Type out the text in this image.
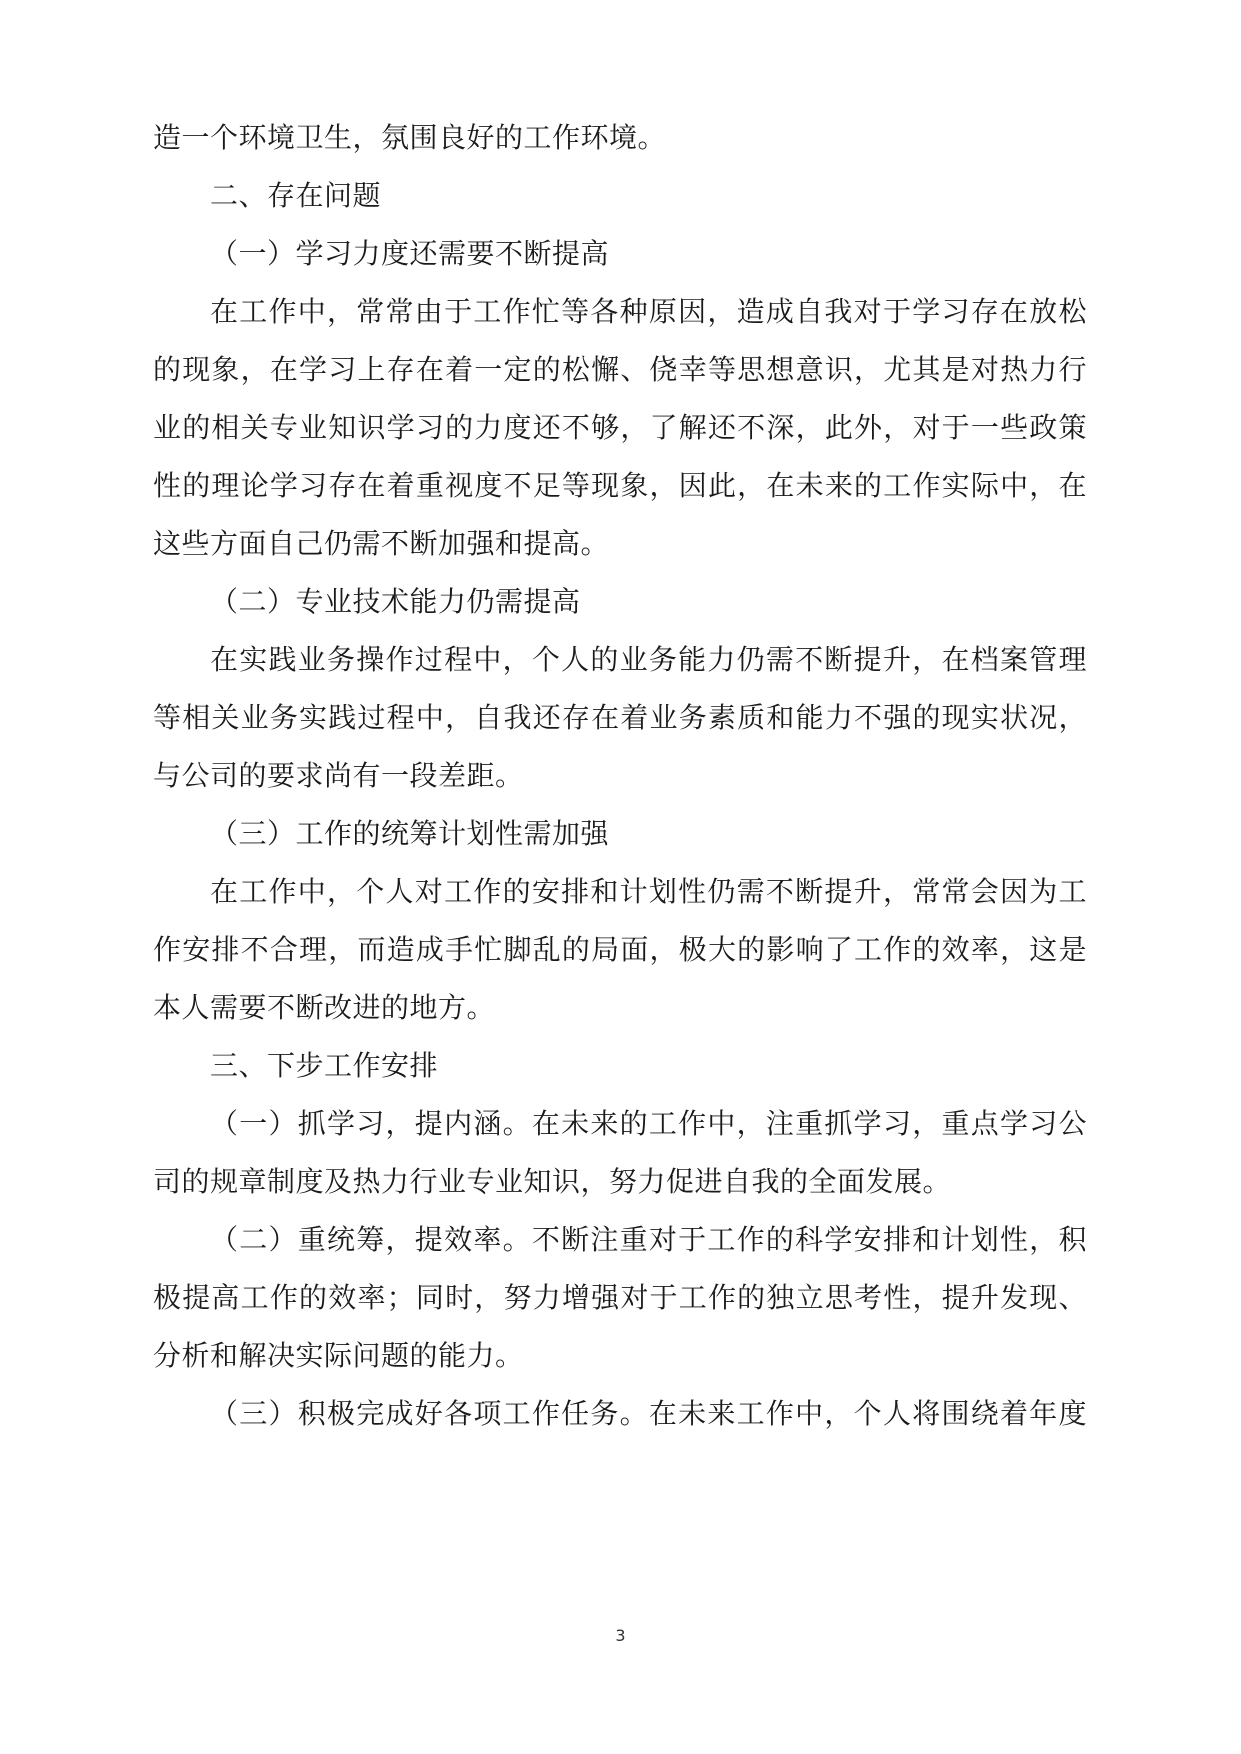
造一个环境卫生，氛围良好的工作环境。
二、存在问题
（一）学习力度还需要不断提高
在工作中，常常由于工作忙等各种原因，造成自我对于学习存在放松
的现象，在学习上存在着一定的松懈、侥幸等思想意识，尤其是对热力行
业的相关专业知识学习的力度还不够，了解还不深，此外，对于一些政策
性的理论学习存在着重视度不足等现象，因此，在未来的工作实际中，在
这些方面自己仍需不断加强和提高。
（二）专业技术能力仍需提高
在实践业务操作过程中，个人的业务能力仍需不断提升，在档案管理
等相关业务实践过程中，自我还存在着业务素质和能力不强的现实状况，
与公司的要求尚有一段差距。
（三）工作的统筹计划性需加强
在工作中，个人对工作的安排和计划性仍需不断提升，常常会因为工
作安排不合理，而造成手忙脚乱的局面，极大的影响了工作的效率，这是
本人需要不断改进的地方。
三、下步工作安排
（一）抓学习，提内涵。在未来的工作中，注重抓学习，重点学习公
司的规章制度及热力行业专业知识，努力促进自我的全面发展。
（二）重统筹，提效率。不断注重对于工作的科学安排和计划性，积
极提高工作的效率；同时，努力增强对于工作的独立思考性，提升发现、
分析和解决实际问题的能力。
（三）积极完成好各项工作任务。在未来工作中，个人将围绕着年度
3
